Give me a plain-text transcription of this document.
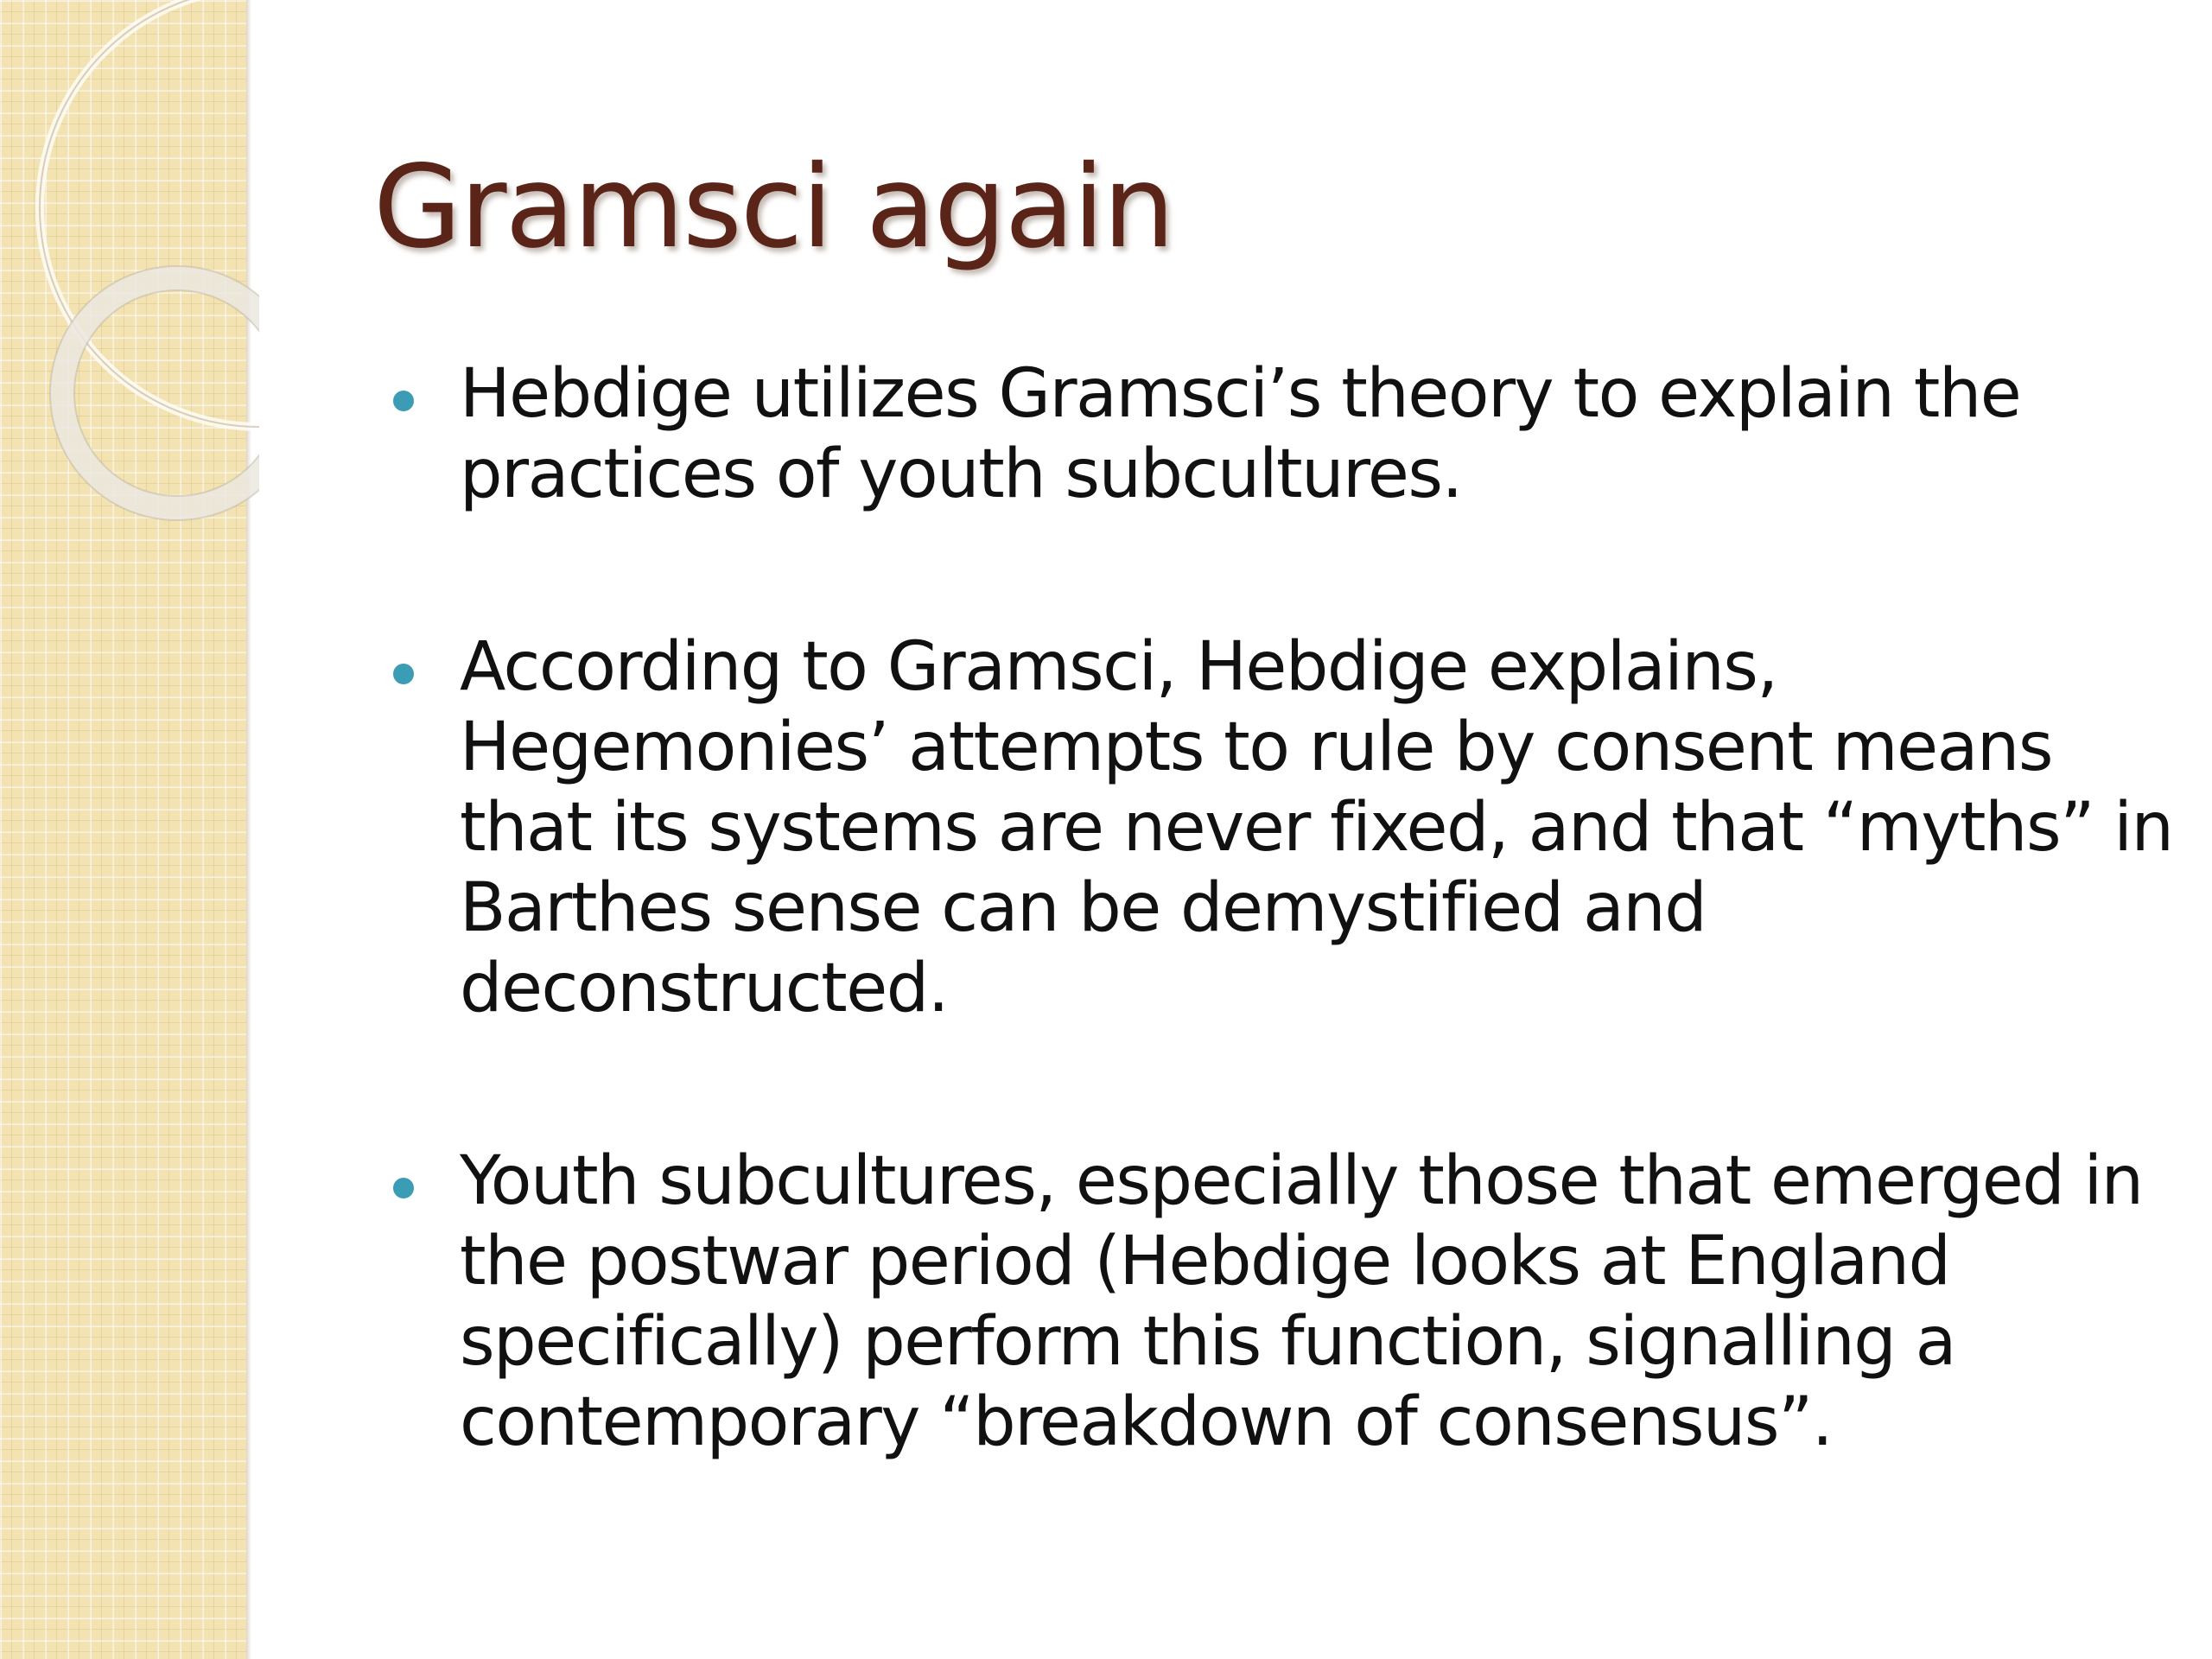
Gramsci again
Hebdige utilizes Gramsci’s theory to explain the practices of youth subcultures.
According to Gramsci, Hebdige explains, Hegemonies’ attempts to rule by consent means that its systems are never fixed, and that “myths” in Barthes sense can be demystified and deconstructed.
Youth subcultures, especially those that emerged in the postwar period (Hebdige looks at England specifically) perform this function, signalling a contemporary “breakdown of consensus”.
